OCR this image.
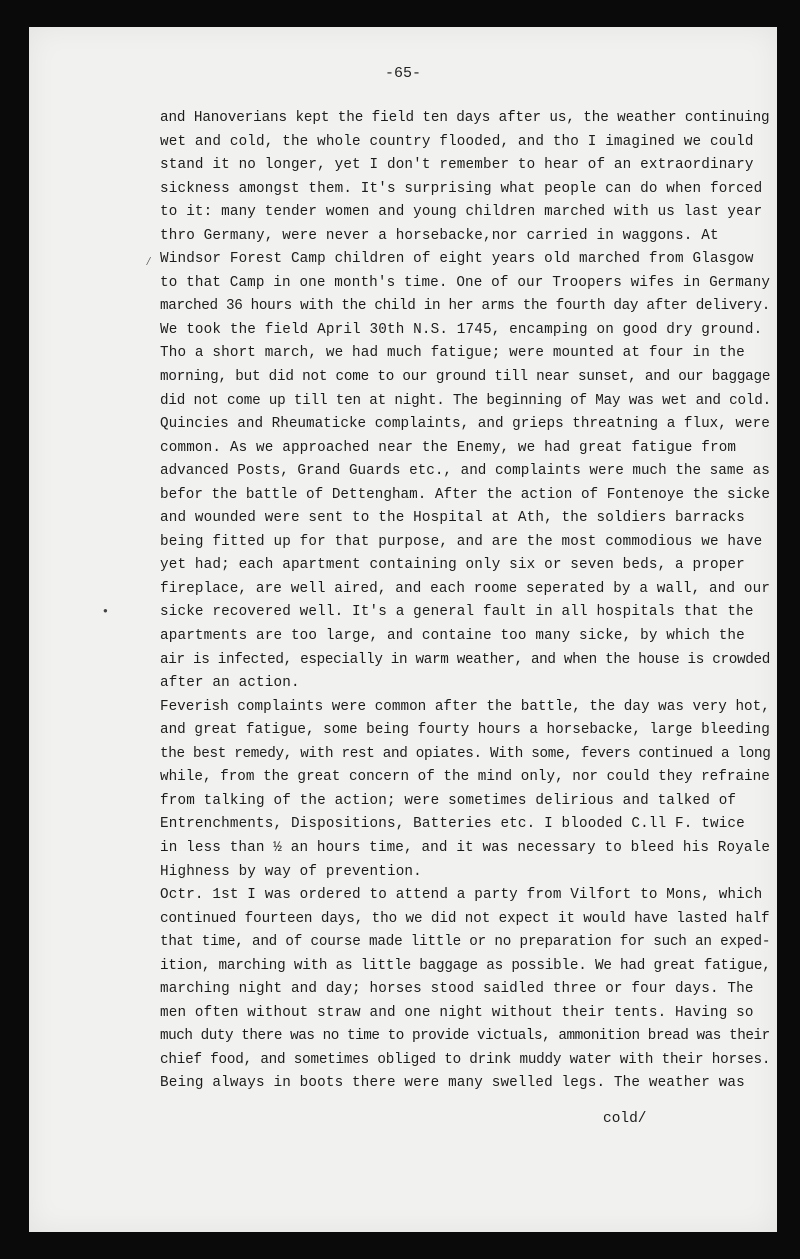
-65-
and Hanoverians kept the field ten days after us, the weather continuing
wet and cold, the whole country flooded, and tho I imagined we could
stand it no longer, yet I don't remember to hear of an extraordinary
sickness amongst them. It's surprising what people can do when forced
to it: many tender women and young children marched with us last year
thro Germany, were never a horsebacke,nor carried in waggons. At
Windsor Forest Camp children of eight years old marched from Glasgow
to that Camp in one month's time. One of our Troopers wifes in Germany
marched 36 hours with the child in her arms the fourth day after delivery.
We took the field April 30th N.S. 1745, encamping on good dry ground.
Tho a short march, we had much fatigue; were mounted at four in the
morning, but did not come to our ground till near sunset, and our baggage
did not come up till ten at night. The beginning of May was wet and cold.
Quincies and Rheumaticke complaints, and grieps threatning a flux, were
common. As we approached near the Enemy, we had great fatigue from
advanced Posts, Grand Guards etc., and complaints were much the same as
befor the battle of Dettengham. After the action of Fontenoye the sicke
and wounded were sent to the Hospital at Ath, the soldiers barracks
being fitted up for that purpose, and are the most commodious we have
yet had; each apartment containing only six or seven beds, a proper
fireplace, are well aired, and each roome seperated by a wall, and our
sicke recovered well. It's a general fault in all hospitals that the
apartments are too large, and containe too many sicke, by which the
air is infected, especially in warm weather, and when the house is crowded
after an action.
Feverish complaints were common after the battle, the day was very hot,
and great fatigue, some being fourty hours a horsebacke, large bleeding
the best remedy, with rest and opiates. With some, fevers continued a long
while, from the great concern of the mind only, nor could they refraine
from talking of the action; were sometimes delirious and talked of
Entrenchments, Dispositions, Batteries etc. I blooded C.ll F. twice
in less than ½ an hours time, and it was necessary to bleed his Royale
Highness by way of prevention.
Octr. 1st I was ordered to attend a party from Vilfort to Mons, which
continued fourteen days, tho we did not expect it would have lasted half
that time, and of course made little or no preparation for such an exped-
ition, marching with as little baggage as possible. We had great fatigue,
marching night and day; horses stood saidled three or four days. The
men often without straw and one night without their tents. Having so
much duty there was no time to provide victuals, ammonition bread was their
chief food, and sometimes obliged to drink muddy water with their horses.
Being always in boots there were many swelled legs. The weather was
cold/
⁄
●
